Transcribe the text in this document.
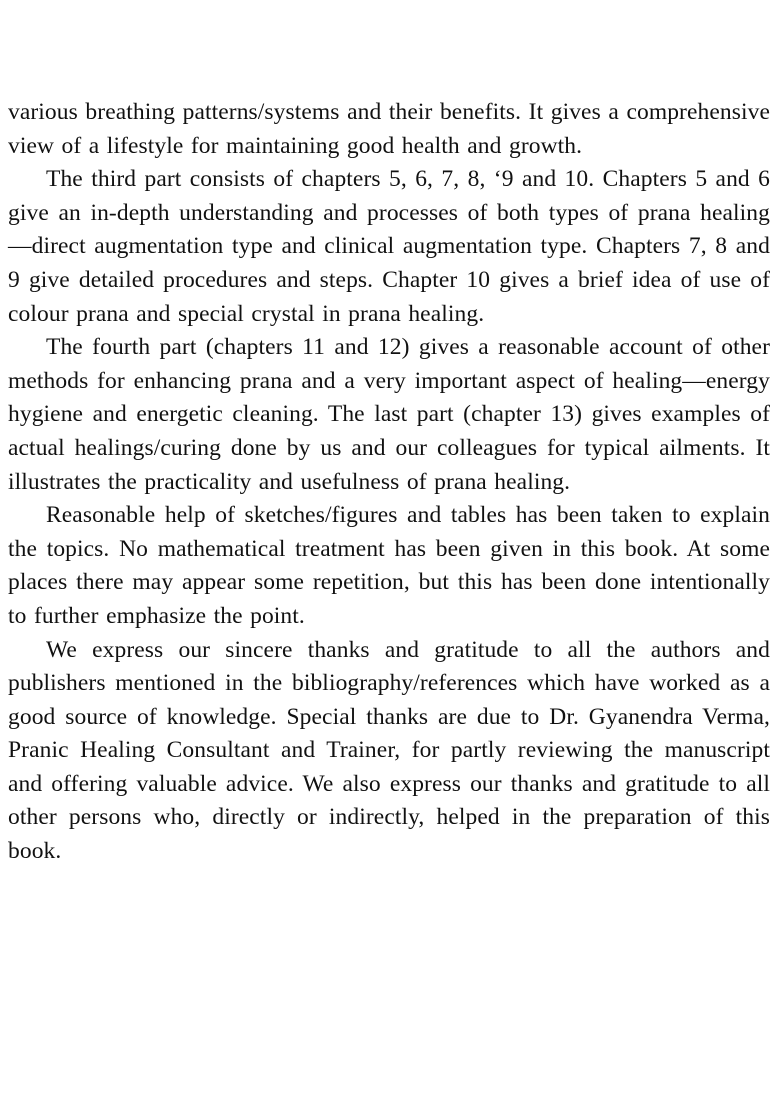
various breathing patterns/systems and their benefits. It gives a comprehensive view of a lifestyle for maintaining good health and growth.

The third part consists of chapters 5, 6, 7, 8, ‘9 and 10. Chapters 5 and 6 give an in-depth understanding and processes of both types of prana healing—direct augmentation type and clinical augmentation type. Chapters 7, 8 and 9 give detailed procedures and steps. Chapter 10 gives a brief idea of use of colour prana and special crystal in prana healing.

The fourth part (chapters 11 and 12) gives a reasonable account of other methods for enhancing prana and a very important aspect of healing—energy hygiene and energetic cleaning. The last part (chapter 13) gives examples of actual healings/curing done by us and our colleagues for typical ailments. It illustrates the practicality and usefulness of prana healing.

Reasonable help of sketches/figures and tables has been taken to explain the topics. No mathematical treatment has been given in this book. At some places there may appear some repetition, but this has been done intentionally to further emphasize the point.

We express our sincere thanks and gratitude to all the authors and publishers mentioned in the bibliography/references which have worked as a good source of knowledge. Special thanks are due to Dr. Gyanendra Verma, Pranic Healing Consultant and Trainer, for partly reviewing the manuscript and offering valuable advice. We also express our thanks and gratitude to all other persons who, directly or indirectly, helped in the preparation of this book.
